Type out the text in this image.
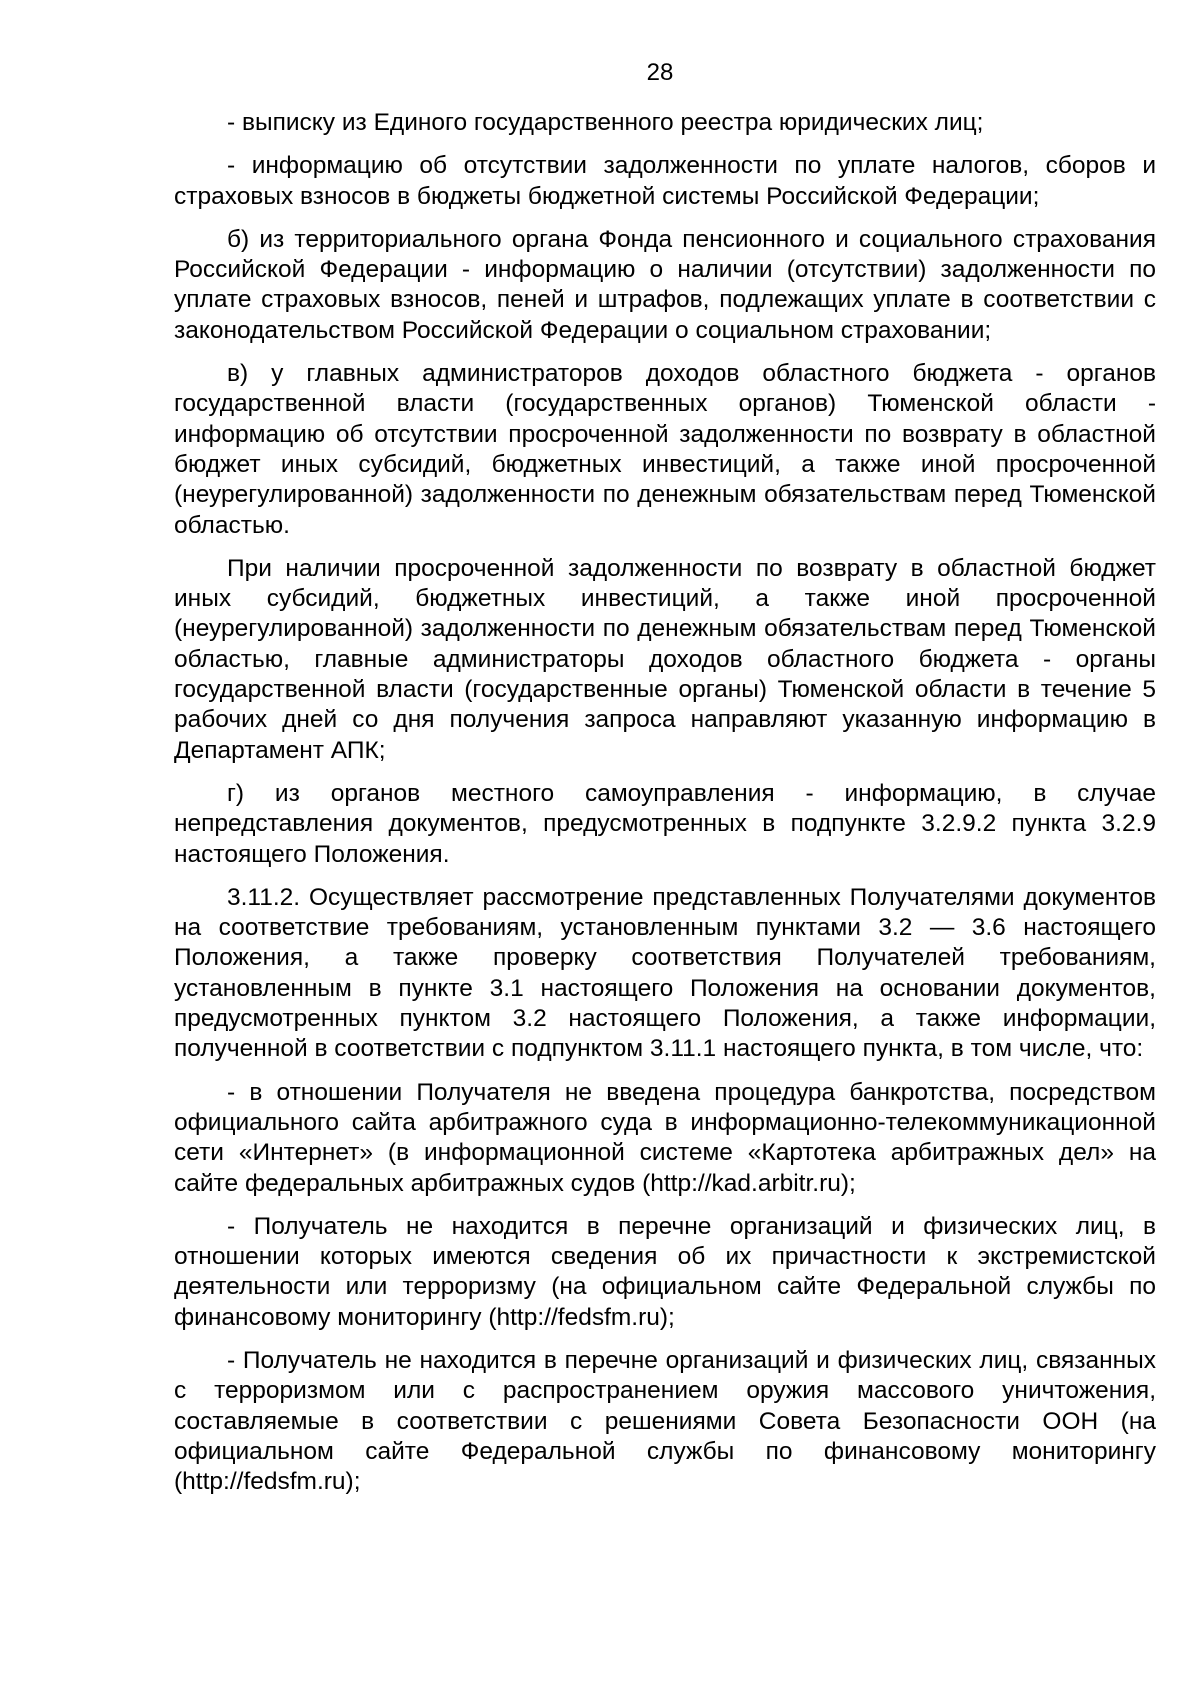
28

- выписку из Единого государственного реестра юридических лиц;

- информацию об отсутствии задолженности по уплате налогов, сборов и страховых взносов в бюджеты бюджетной системы Российской Федерации;

б) из территориального органа Фонда пенсионного и социального страхования Российской Федерации - информацию о наличии (отсутствии) задолженности по уплате страховых взносов, пеней и штрафов, подлежащих уплате в соответствии с законодательством Российской Федерации о социальном страховании;

в) у главных администраторов доходов областного бюджета - органов государственной власти (государственных органов) Тюменской области - информацию об отсутствии просроченной задолженности по возврату в областной бюджет иных субсидий, бюджетных инвестиций, а также иной просроченной (неурегулированной) задолженности по денежным обязательствам перед Тюменской областью.

При наличии просроченной задолженности по возврату в областной бюджет иных субсидий, бюджетных инвестиций, а также иной просроченной (неурегулированной) задолженности по денежным обязательствам перед Тюменской областью, главные администраторы доходов областного бюджета - органы государственной власти (государственные органы) Тюменской области в течение 5 рабочих дней со дня получения запроса направляют указанную информацию в Департамент АПК;

г) из органов местного самоуправления - информацию, в случае непредставления документов, предусмотренных в подпункте 3.2.9.2 пункта 3.2.9 настоящего Положения.

3.11.2. Осуществляет рассмотрение представленных Получателями документов на соответствие требованиям, установленным пунктами 3.2 — 3.6 настоящего Положения, а также проверку соответствия Получателей требованиям, установленным в пункте 3.1 настоящего Положения на основании документов, предусмотренных пунктом 3.2 настоящего Положения, а также информации, полученной в соответствии с подпунктом 3.11.1 настоящего пункта, в том числе, что:

- в отношении Получателя не введена процедура банкротства, посредством официального сайта арбитражного суда в информационно-телекоммуникационной сети «Интернет» (в информационной системе «Картотека арбитражных дел» на сайте федеральных арбитражных судов (http://kad.arbitr.ru);

- Получатель не находится в перечне организаций и физических лиц, в отношении которых имеются сведения об их причастности к экстремистской деятельности или терроризму (на официальном сайте Федеральной службы по финансовому мониторингу (http://fedsfm.ru);

- Получатель не находится в перечне организаций и физических лиц, связанных с терроризмом или с распространением оружия массового уничтожения, составляемые в соответствии с решениями Совета Безопасности ООН (на официальном сайте Федеральной службы по финансовому мониторингу (http://fedsfm.ru);
